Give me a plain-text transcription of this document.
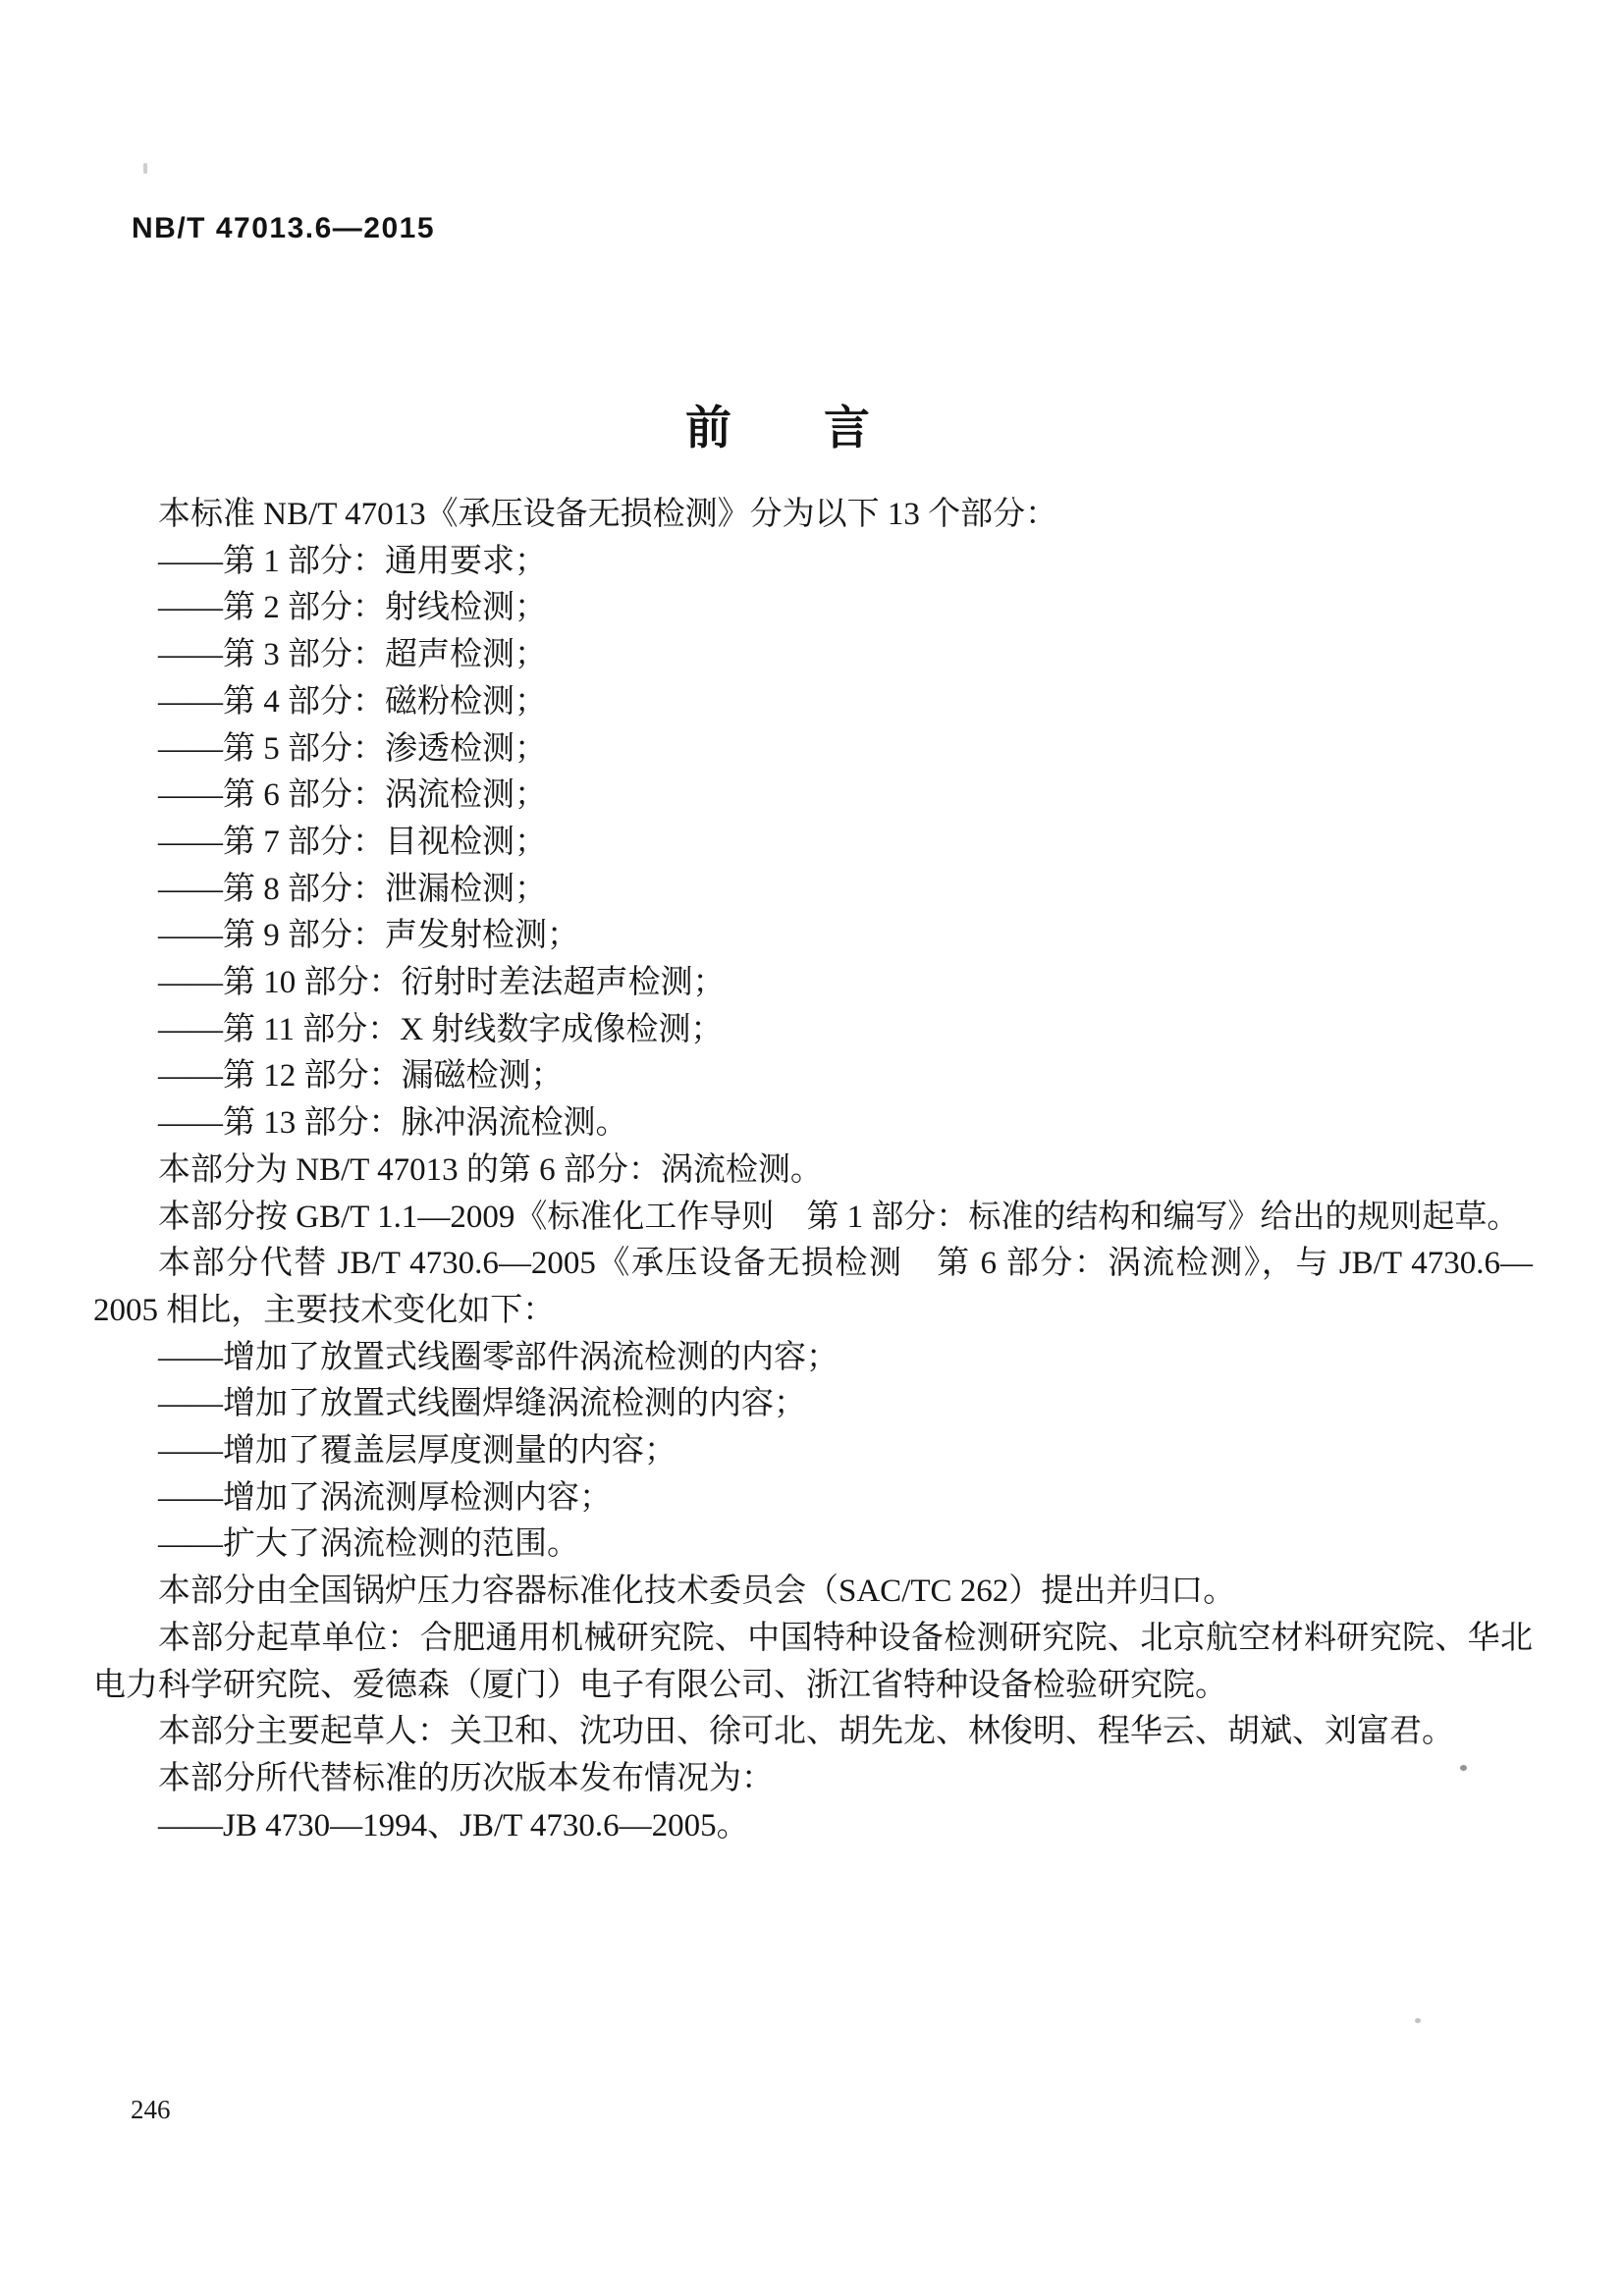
NB/T 47013.6—2015
前　　言

本标准 NB/T 47013《承压设备无损检测》分为以下 13 个部分：

——第 1 部分：通用要求；

——第 2 部分：射线检测；

——第 3 部分：超声检测；

——第 4 部分：磁粉检测；

——第 5 部分：渗透检测；

——第 6 部分：涡流检测；

——第 7 部分：目视检测；

——第 8 部分：泄漏检测；

——第 9 部分：声发射检测；

——第 10 部分：衍射时差法超声检测；

——第 11 部分：X 射线数字成像检测；

——第 12 部分：漏磁检测；

——第 13 部分：脉冲涡流检测。

本部分为 NB/T 47013 的第 6 部分：涡流检测。

本部分按 GB/T 1.1—2009《标准化工作导则　第 1 部分：标准的结构和编写》给出的规则起草。

本部分代替 JB/T 4730.6—2005《承压设备无损检测　第 6 部分：涡流检测》，与 JB/T 4730.6—2005 相比，主要技术变化如下：

——增加了放置式线圈零部件涡流检测的内容；

——增加了放置式线圈焊缝涡流检测的内容；

——增加了覆盖层厚度测量的内容；

——增加了涡流测厚检测内容；

——扩大了涡流检测的范围。

本部分由全国锅炉压力容器标准化技术委员会（SAC/TC 262）提出并归口。

本部分起草单位：合肥通用机械研究院、中国特种设备检测研究院、北京航空材料研究院、华北电力科学研究院、爱德森（厦门）电子有限公司、浙江省特种设备检验研究院。

本部分主要起草人：关卫和、沈功田、徐可北、胡先龙、林俊明、程华云、胡斌、刘富君。

本部分所代替标准的历次版本发布情况为：

——JB 4730—1994、JB/T 4730.6—2005。

246
